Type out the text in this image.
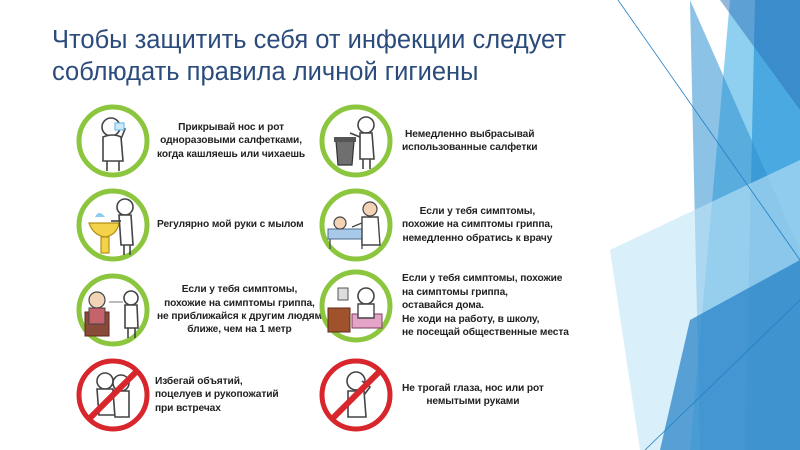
Чтобы защитить себя от инфекции следует
соблюдать правила личной гигиены
Прикрывай нос и рот
одноразовыми салфетками,
когда кашляешь или чихаешь
Регулярно мой руки с мылом
Если у тебя симптомы,
похожие на симптомы гриппа,
не приближайся к другим людям
ближе, чем на 1 метр
Избегай объятий,
поцелуев и рукопожатий
при встречах
Немедленно выбрасывай
использованные салфетки
Если у тебя симптомы,
похожие на симптомы гриппа,
немедленно обратись к врачу
Если у тебя симптомы, похожие
на симптомы гриппа,
оставайся дома.
Не ходи на работу, в школу,
не посещай общественные места
Не трогай глаза, нос или рот
немытыми руками
